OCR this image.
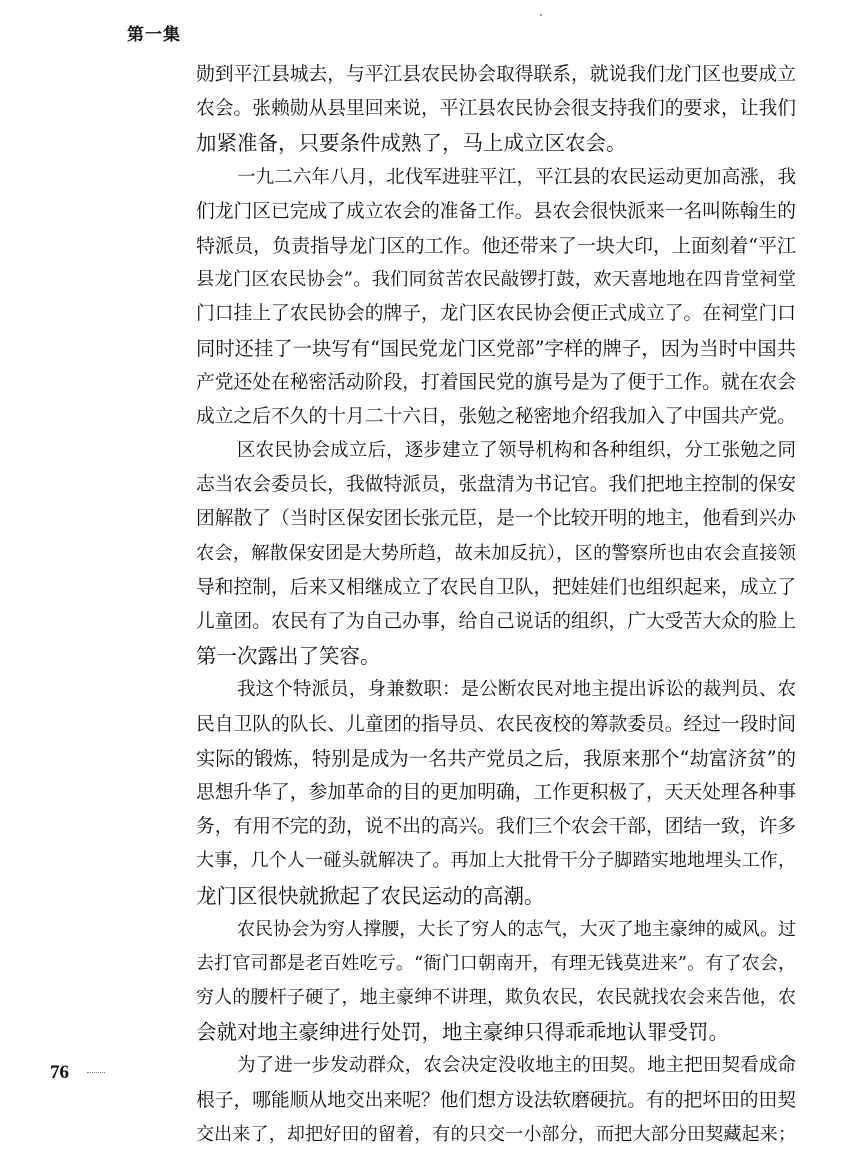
第一集
勋到平江县城去，与平江县农民协会取得联系，就说我们龙门区也要成立
农会。张赖勋从县里回来说，平江县农民协会很支持我们的要求，让我们
加紧准备，只要条件成熟了，马上成立区农会。
一九二六年八月，北伐军进驻平江，平江县的农民运动更加高涨，我
们龙门区已完成了成立农会的准备工作。县农会很快派来一名叫陈翰生的
特派员，负责指导龙门区的工作。他还带来了一块大印，上面刻着“平江
县龙门区农民协会”。我们同贫苦农民敲锣打鼓，欢天喜地地在四肯堂祠堂
门口挂上了农民协会的牌子，龙门区农民协会便正式成立了。在祠堂门口
同时还挂了一块写有“国民党龙门区党部”字样的牌子，因为当时中国共
产党还处在秘密活动阶段，打着国民党的旗号是为了便于工作。就在农会
成立之后不久的十月二十六日，张勉之秘密地介绍我加入了中国共产党。
区农民协会成立后，逐步建立了领导机构和各种组织，分工张勉之同
志当农会委员长，我做特派员，张盘清为书记官。我们把地主控制的保安
团解散了（当时区保安团长张元臣，是一个比较开明的地主，他看到兴办
农会，解散保安团是大势所趋，故未加反抗），区的警察所也由农会直接领
导和控制，后来又相继成立了农民自卫队，把娃娃们也组织起来，成立了
儿童团。农民有了为自己办事，给自己说话的组织，广大受苦大众的脸上
第一次露出了笑容。
我这个特派员，身兼数职：是公断农民对地主提出诉讼的裁判员、农
民自卫队的队长、儿童团的指导员、农民夜校的筹款委员。经过一段时间
实际的锻炼，特别是成为一名共产党员之后，我原来那个“劫富济贫”的
思想升华了，参加革命的目的更加明确，工作更积极了，天天处理各种事
务，有用不完的劲，说不出的高兴。我们三个农会干部，团结一致，许多
大事，几个人一碰头就解决了。再加上大批骨干分子脚踏实地地埋头工作，
龙门区很快就掀起了农民运动的高潮。
农民协会为穷人撑腰，大长了穷人的志气，大灭了地主豪绅的威风。过
去打官司都是老百姓吃亏。“衙门口朝南开，有理无钱莫进来”。有了农会，
穷人的腰杆子硬了，地主豪绅不讲理，欺负农民，农民就找农会来告他，农
会就对地主豪绅进行处罚，地主豪绅只得乖乖地认罪受罚。
为了进一步发动群众，农会决定没收地主的田契。地主把田契看成命
根子，哪能顺从地交出来呢？他们想方设法软磨硬抗。有的把坏田的田契
交出来了，却把好田的留着，有的只交一小部分，而把大部分田契藏起来；
76
